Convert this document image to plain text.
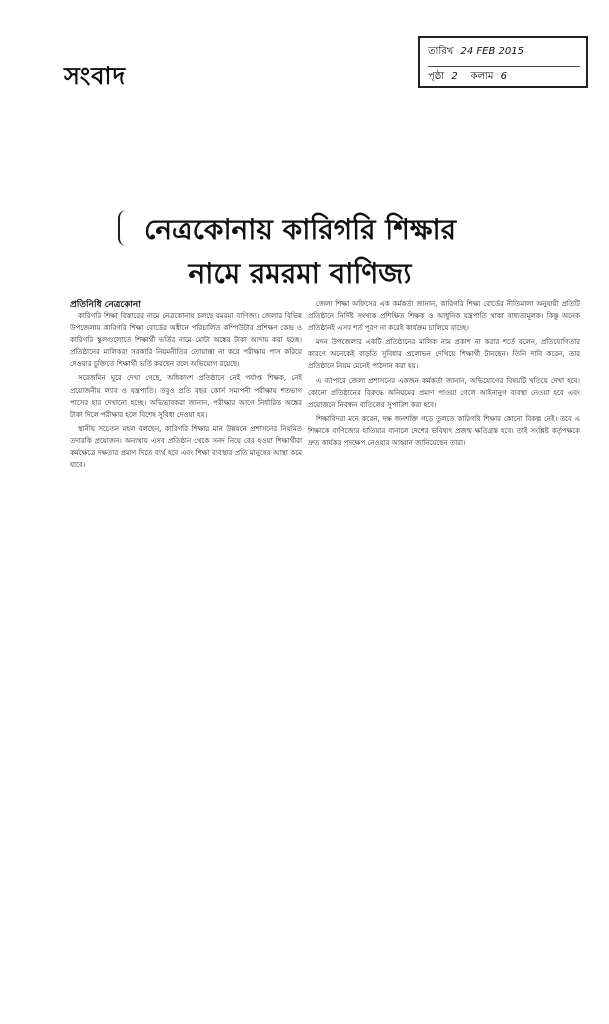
সংবাদ
তারিখ 24 FEB 2015
পৃষ্ঠা 2 কলাম 6
নেত্রকোনায় কারিগরি শিক্ষার
নামে রমরমা বাণিজ্য
প্রতিনিধি নেত্রকোনা

কারিগরি শিক্ষা বিস্তারের নামে নেত্রকোনায় চলছে রমরমা বাণিজ্য। জেলার বিভিন্ন উপজেলায় কারিগরি শিক্ষা বোর্ডের অধীনে পরিচালিত কম্পিউটার প্রশিক্ষণ কেন্দ্র ও কারিগরি স্কুলগুলোতে শিক্ষার্থী ভর্তির নামে মোটা অঙ্কের টাকা আদায় করা হচ্ছে। প্রতিষ্ঠানের মালিকরা সরকারি নিয়মনীতির তোয়াক্কা না করে পরীক্ষায় পাস করিয়ে দেওয়ার চুক্তিতে শিক্ষার্থী ভর্তি করছেন বলে অভিযোগ রয়েছে।

সরেজমিন ঘুরে দেখা গেছে, অধিকাংশ প্রতিষ্ঠানে নেই পর্যাপ্ত শিক্ষক, নেই প্রয়োজনীয় ল্যাব ও যন্ত্রপাতি। তবুও প্রতি বছর কোর্স সমাপনী পরীক্ষায় শতভাগ পাসের হার দেখানো হচ্ছে। অভিভাবকরা জানান, পরীক্ষার আগে নির্ধারিত অঙ্কের টাকা দিলে পরীক্ষার হলে বিশেষ সুবিধা দেওয়া হয়।

স্থানীয় সচেতন মহল বলছেন, কারিগরি শিক্ষার মান উন্নয়নে প্রশাসনের নিয়মিত তদারকি প্রয়োজন। অন্যথায় এসব প্রতিষ্ঠান থেকে সনদ নিয়ে বের হওয়া শিক্ষার্থীরা কর্মক্ষেত্রে দক্ষতার প্রমাণ দিতে ব্যর্থ হবে এবং শিক্ষা ব্যবস্থার প্রতি মানুষের আস্থা কমে যাবে।

জেলা শিক্ষা অফিসের এক কর্মকর্তা জানান, কারিগরি শিক্ষা বোর্ডের নীতিমালা অনুযায়ী প্রতিটি প্রতিষ্ঠানে নির্দিষ্ট সংখ্যক প্রশিক্ষিত শিক্ষক ও আধুনিক যন্ত্রপাতি থাকা বাধ্যতামূলক। কিন্তু অনেক প্রতিষ্ঠানই এসব শর্ত পূরণ না করেই কার্যক্রম চালিয়ে যাচ্ছে।

মদন উপজেলার একটি প্রতিষ্ঠানের মালিক নাম প্রকাশ না করার শর্তে বলেন, প্রতিযোগিতার কারণে অনেকেই বাড়তি সুবিধার প্রলোভন দেখিয়ে শিক্ষার্থী টানছেন। তিনি দাবি করেন, তার প্রতিষ্ঠানে নিয়ম মেনেই পাঠদান করা হয়।

এ ব্যাপারে জেলা প্রশাসনের একজন কর্মকর্তা জানান, অভিযোগের বিষয়টি খতিয়ে দেখা হবে। কোনো প্রতিষ্ঠানের বিরুদ্ধে অনিয়মের প্রমাণ পাওয়া গেলে আইনানুগ ব্যবস্থা নেওয়া হবে এবং প্রয়োজনে নিবন্ধন বাতিলের সুপারিশ করা হবে।

শিক্ষাবিদরা মনে করেন, দক্ষ জনশক্তি গড়ে তুলতে কারিগরি শিক্ষার কোনো বিকল্প নেই। তবে এ শিক্ষাকে বাণিজ্যের হাতিয়ার বানালে দেশের ভবিষ্যৎ প্রজন্ম ক্ষতিগ্রস্ত হবে। তাই সংশ্লিষ্ট কর্তৃপক্ষকে দ্রুত কার্যকর পদক্ষেপ নেওয়ার আহ্বান জানিয়েছেন তারা।
